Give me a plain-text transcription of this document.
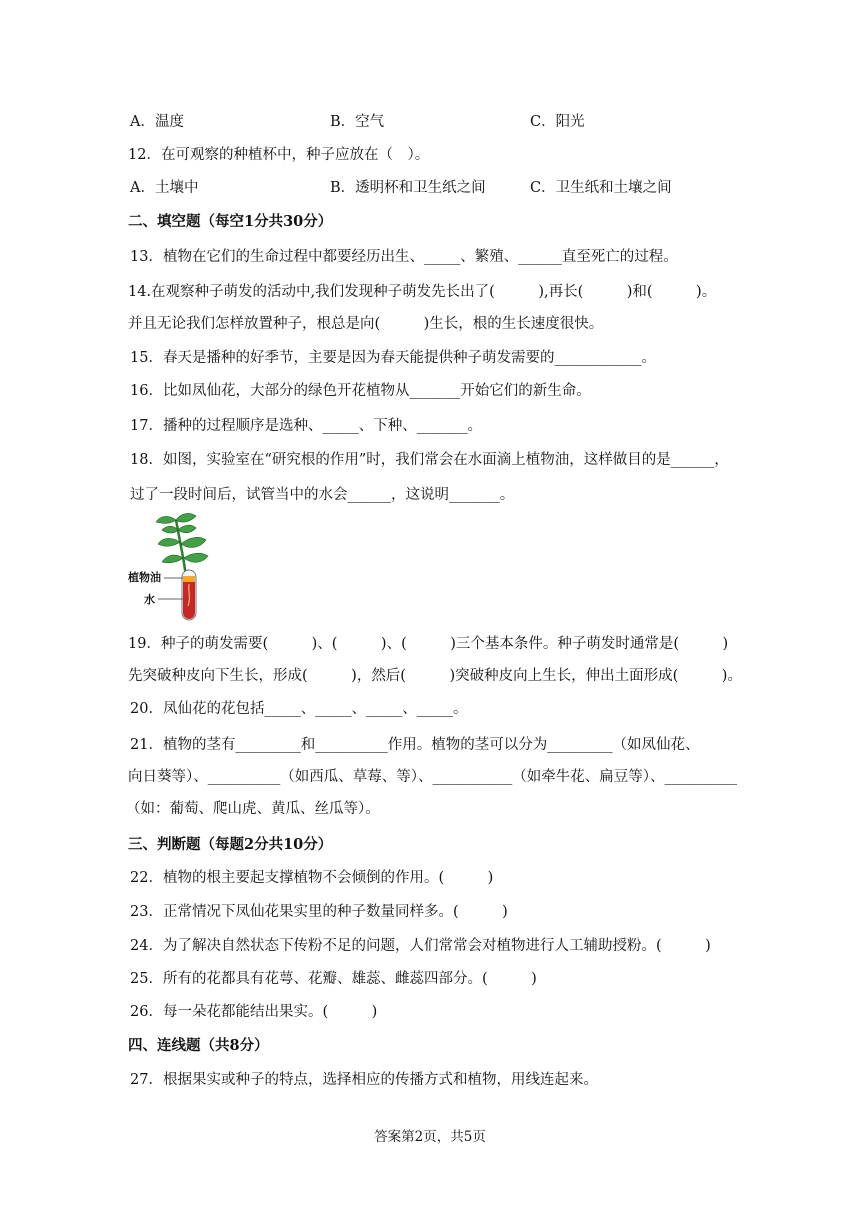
A．温度	B．空气	C．阳光
12．在可观察的种植杯中，种子应放在（　）。
A．土壤中	B．透明杯和卫生纸之间	C．卫生纸和土壤之间
二、填空题（每空1分共30分）
13．植物在它们的生命过程中都要经历出生、_____、繁殖、______直至死亡的过程。
14.在观察种子萌发的活动中,我们发现种子萌发先长出了(　　　),再长(　　　)和(　　　)。
并且无论我们怎样放置种子，根总是向(　　　)生长，根的生长速度很快。
15．春天是播种的好季节，主要是因为春天能提供种子萌发需要的____________。
16．比如凤仙花，大部分的绿色开花植物从_______开始它们的新生命。
17．播种的过程顺序是选种、_____、下种、_______。
18．如图，实验室在“研究根的作用”时，我们常会在水面滴上植物油，这样做目的是______，
过了一段时间后，试管当中的水会______，这说明_______。
植物油
水
19．种子的萌发需要(　　　)、(　　　)、(　　　)三个基本条件。种子萌发时通常是(　　　)
先突破种皮向下生长，形成(　　　)，然后(　　　)突破种皮向上生长，伸出土面形成(　　　)。
20．凤仙花的花包括_____、_____、_____、_____。
21．植物的茎有_________和__________作用。植物的茎可以分为_________（如凤仙花、
向日葵等）、__________（如西瓜、草莓、等）、___________（如牵牛花、扁豆等）、__________
（如：葡萄、爬山虎、黄瓜、丝瓜等）。
三、判断题（每题2分共10分）
22．植物的根主要起支撑植物不会倾倒的作用。(　　　)
23．正常情况下凤仙花果实里的种子数量同样多。(　　　)
24．为了解决自然状态下传粉不足的问题，人们常常会对植物进行人工辅助授粉。(　　　)
25．所有的花都具有花萼、花瓣、雄蕊、雌蕊四部分。(　　　)
26．每一朵花都能结出果实。(　　　)
四、连线题（共8分）
27．根据果实或种子的特点，选择相应的传播方式和植物，用线连起来。
答案第2页，共5页
